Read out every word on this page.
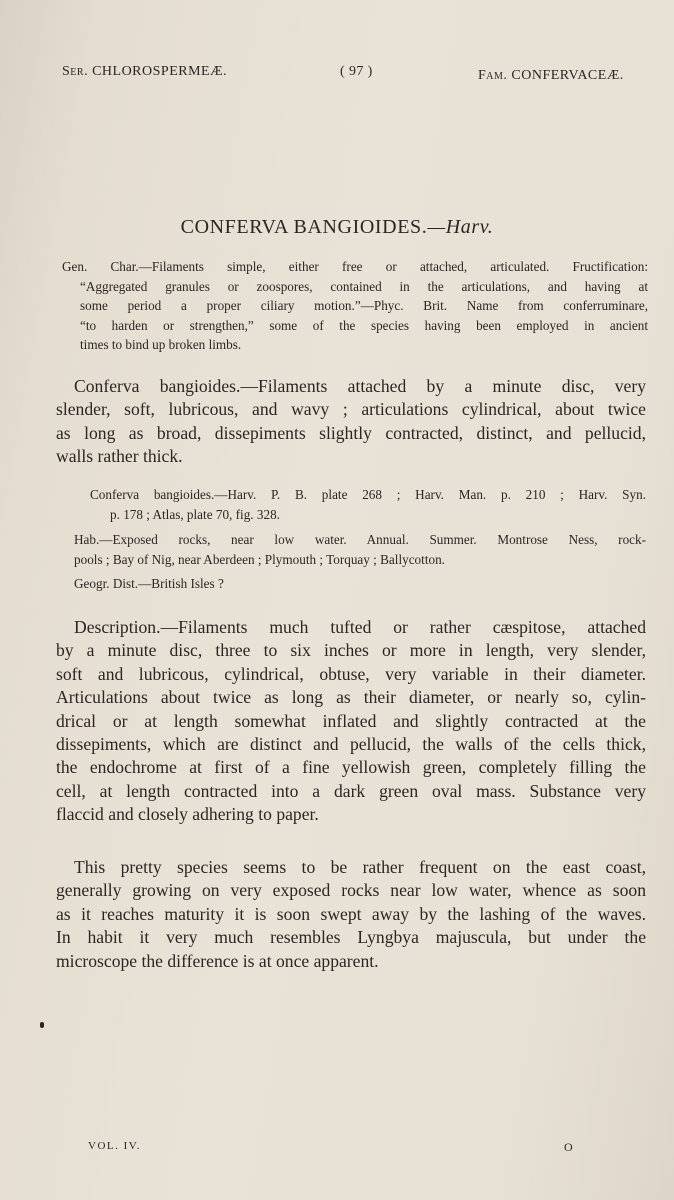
Ser. CHLOROSPERMEÆ.	( 97 )	Fam. CONFERVACEÆ.
CONFERVA BANGIOIDES.—Harv.
Gen. Char.—Filaments simple, either free or attached, articulated. Fructification:
“Aggregated granules or zoospores, contained in the articulations, and having at
some period a proper ciliary motion.”—Phyc. Brit. Name from conferruminare,
“to harden or strengthen,” some of the species having been employed in ancient
times to bind up broken limbs.
Conferva bangioides.—Filaments attached by a minute disc, very
slender, soft, lubricous, and wavy ; articulations cylindrical, about twice
as long as broad, dissepiments slightly contracted, distinct, and pellucid,
walls rather thick.
Conferva bangioides.—Harv. P. B. plate 268 ; Harv. Man. p. 210 ; Harv. Syn.
p. 178 ; Atlas, plate 70, fig. 328.
Hab.—Exposed rocks, near low water. Annual. Summer. Montrose Ness, rock-
pools ; Bay of Nig, near Aberdeen ; Plymouth ; Torquay ; Ballycotton.
Geogr. Dist.—British Isles ?
Description.—Filaments much tufted or rather cæspitose, attached
by a minute disc, three to six inches or more in length, very slender,
soft and lubricous, cylindrical, obtuse, very variable in their diameter.
Articulations about twice as long as their diameter, or nearly so, cylin-
drical or at length somewhat inflated and slightly contracted at the
dissepiments, which are distinct and pellucid, the walls of the cells thick,
the endochrome at first of a fine yellowish green, completely filling the
cell, at length contracted into a dark green oval mass. Substance very
flaccid and closely adhering to paper.
This pretty species seems to be rather frequent on the east coast,
generally growing on very exposed rocks near low water, whence as soon
as it reaches maturity it is soon swept away by the lashing of the waves.
In habit it very much resembles Lyngbya majuscula, but under the
microscope the difference is at once apparent.
VOL. IV.	O
